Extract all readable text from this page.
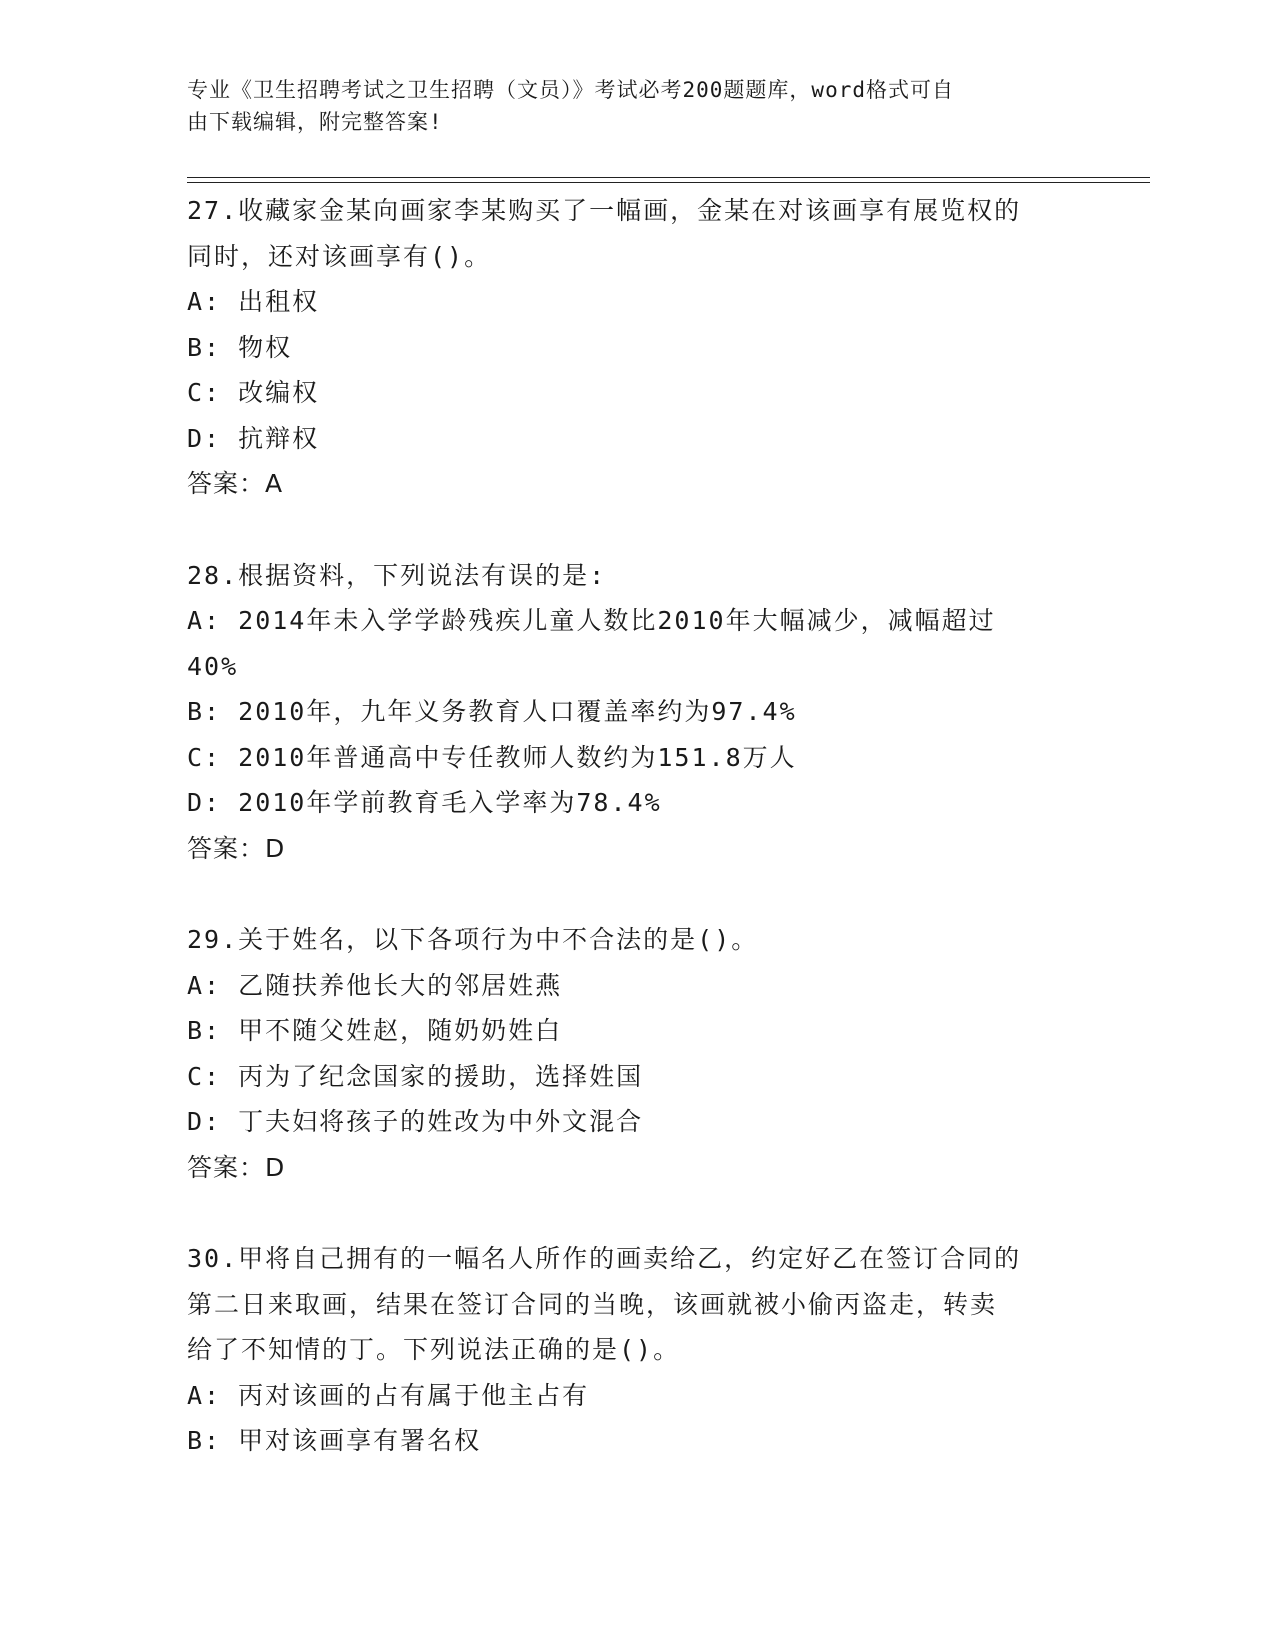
专业《卫生招聘考试之卫生招聘（文员）》考试必考200题题库，word格式可自
由下载编辑，附完整答案!
27.收藏家金某向画家李某购买了一幅画，金某在对该画享有展览权的
同时，还对该画享有()。
A: 出租权
B: 物权
C: 改编权
D: 抗辩权
答案：A
28.根据资料，下列说法有误的是:
A: 2014年未入学学龄残疾儿童人数比2010年大幅减少，减幅超过
40%
B: 2010年，九年义务教育人口覆盖率约为97.4%
C: 2010年普通高中专任教师人数约为151.8万人
D: 2010年学前教育毛入学率为78.4%
答案：D
29.关于姓名，以下各项行为中不合法的是()。
A: 乙随扶养他长大的邻居姓燕
B: 甲不随父姓赵，随奶奶姓白
C: 丙为了纪念国家的援助，选择姓国
D: 丁夫妇将孩子的姓改为中外文混合
答案：D
30.甲将自己拥有的一幅名人所作的画卖给乙，约定好乙在签订合同的
第二日来取画，结果在签订合同的当晚，该画就被小偷丙盗走，转卖
给了不知情的丁。下列说法正确的是()。
A: 丙对该画的占有属于他主占有
B: 甲对该画享有署名权
